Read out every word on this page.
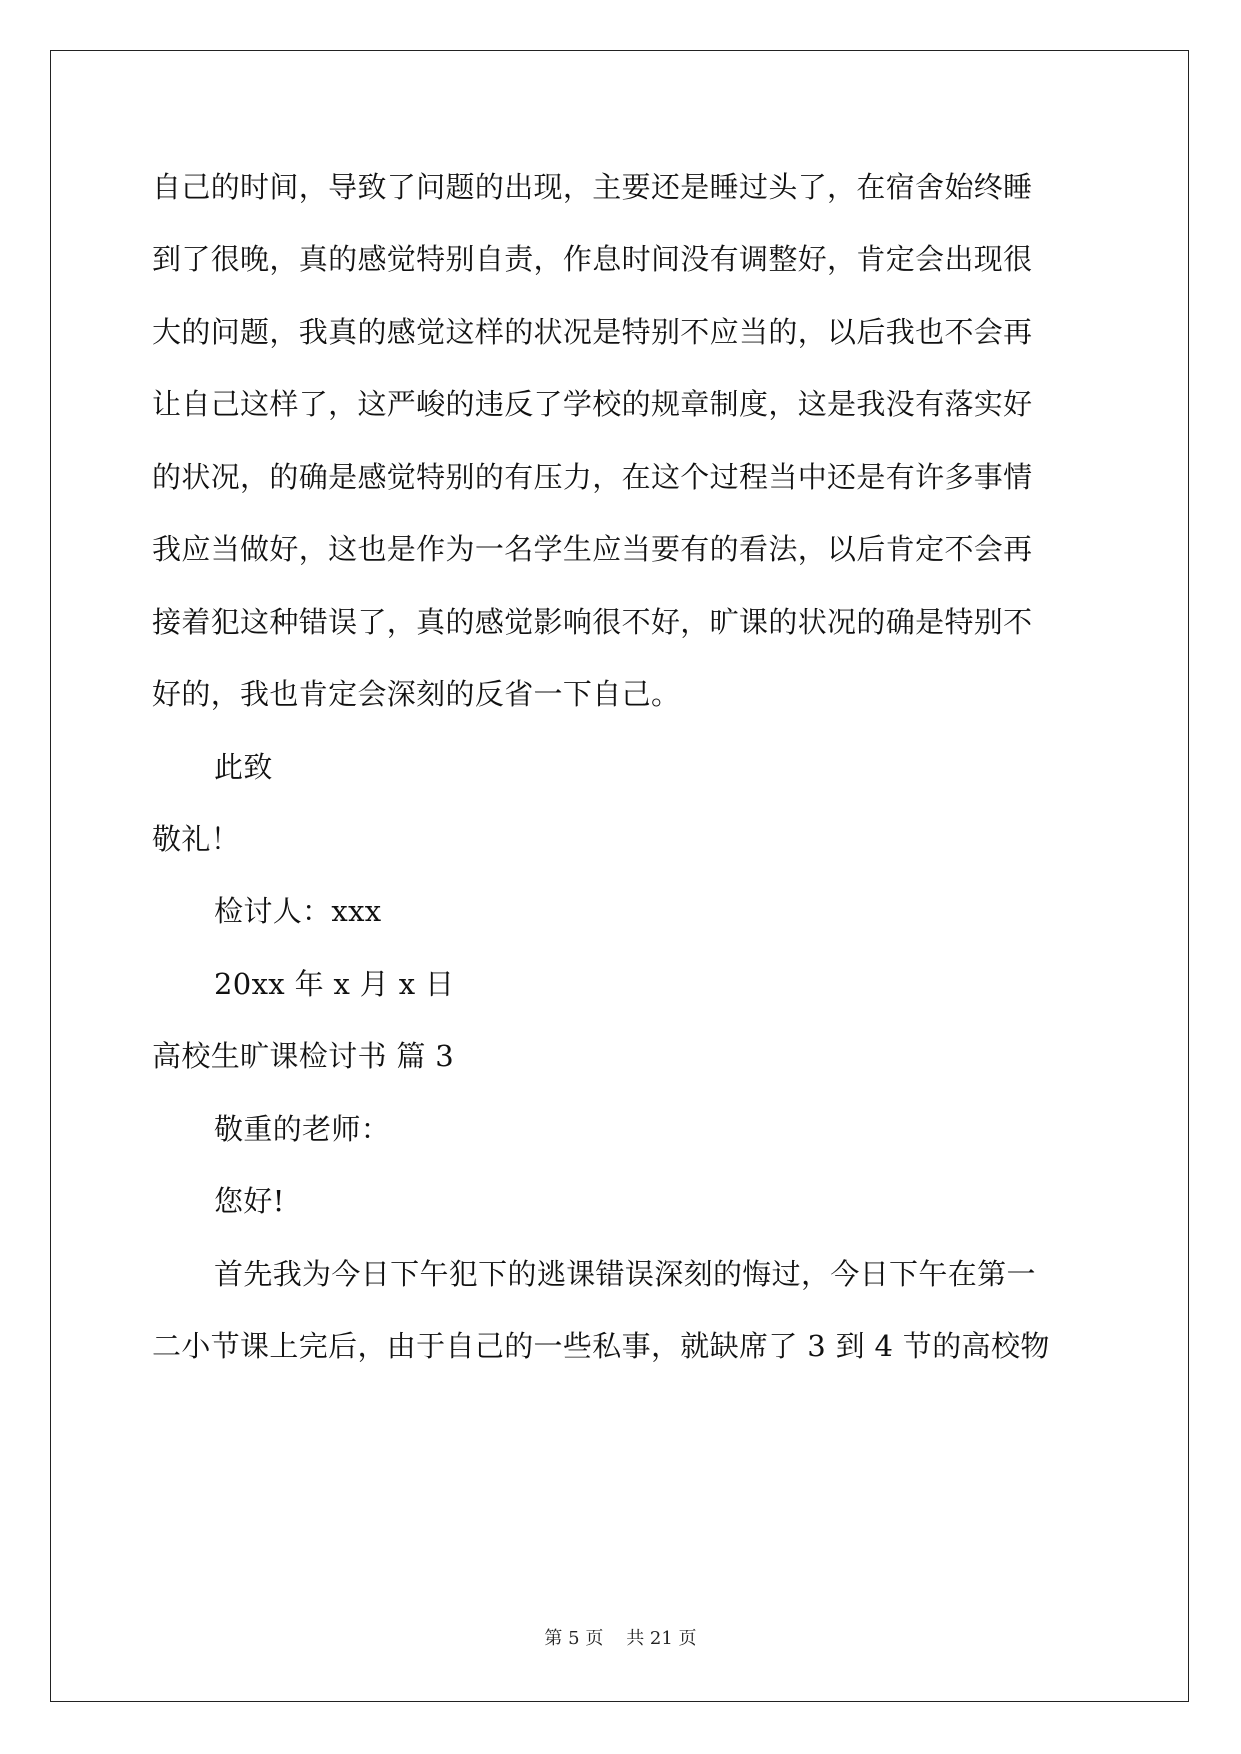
自己的时间，导致了问题的出现，主要还是睡过头了，在宿舍始终睡
到了很晚，真的感觉特别自责，作息时间没有调整好，肯定会出现很
大的问题，我真的感觉这样的状况是特别不应当的，以后我也不会再
让自己这样了，这严峻的违反了学校的规章制度，这是我没有落实好
的状况，的确是感觉特别的有压力，在这个过程当中还是有许多事情
我应当做好，这也是作为一名学生应当要有的看法，以后肯定不会再
接着犯这种错误了，真的感觉影响很不好，旷课的状况的确是特别不
好的，我也肯定会深刻的反省一下自己。
此致
敬礼！
检讨人：xxx
20xx 年 x 月 x 日
高校生旷课检讨书 篇 3
敬重的老师：
您好!
首先我为今日下午犯下的逃课错误深刻的悔过，今日下午在第一
二小节课上完后，由于自己的一些私事，就缺席了 3 到 4 节的高校物
第 5 页    共 21 页
